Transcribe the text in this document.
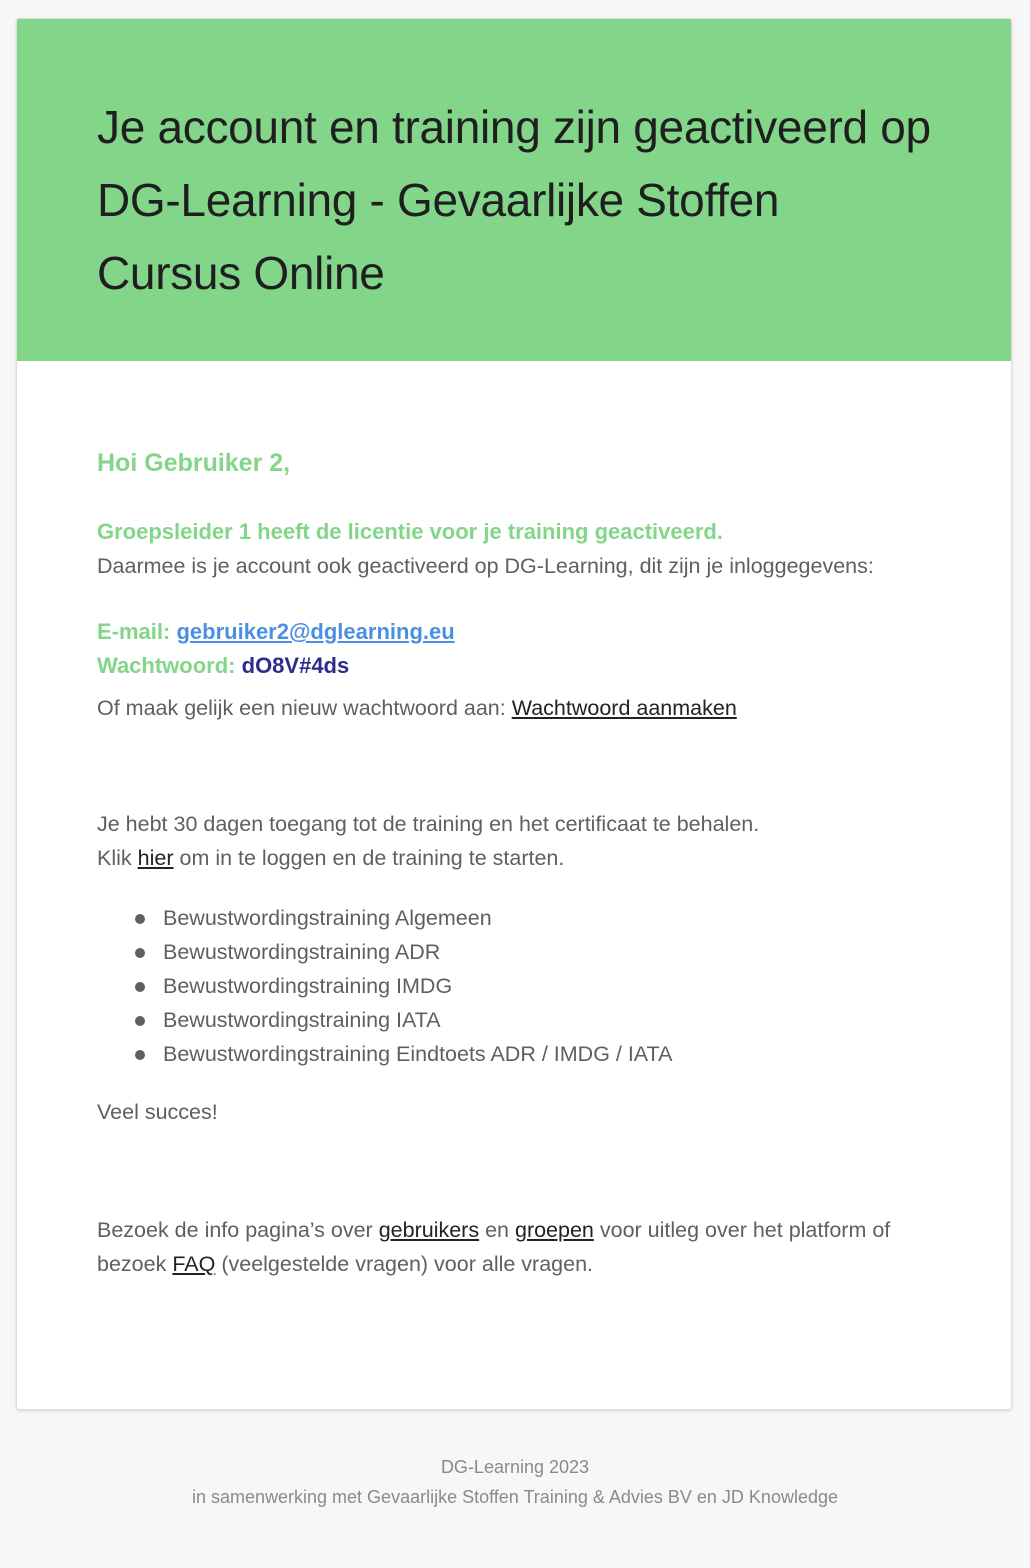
Je account en training zijn geactiveerd op DG-Learning - Gevaarlijke Stoffen Cursus Online

Hoi Gebruiker 2,

Groepsleider 1 heeft de licentie voor je training geactiveerd.

Daarmee is je account ook geactiveerd op DG-Learning, dit zijn je inloggegevens:

E-mail: gebruiker2@dglearning.eu
Wachtwoord: dO8V#4ds

Of maak gelijk een nieuw wachtwoord aan: Wachtwoord aanmaken

Je hebt 30 dagen toegang tot de training en het certificaat te behalen.

Klik hier om in te loggen en de training te starten.

Bewustwordingstraining Algemeen
Bewustwordingstraining ADR
Bewustwordingstraining IMDG
Bewustwordingstraining IATA
Bewustwordingstraining Eindtoets ADR / IMDG / IATA

Veel succes!

Bezoek de info pagina’s over gebruikers en groepen voor uitleg over het platform of bezoek FAQ (veelgestelde vragen) voor alle vragen.

DG-Learning 2023
in samenwerking met Gevaarlijke Stoffen Training & Advies BV en JD Knowledge
